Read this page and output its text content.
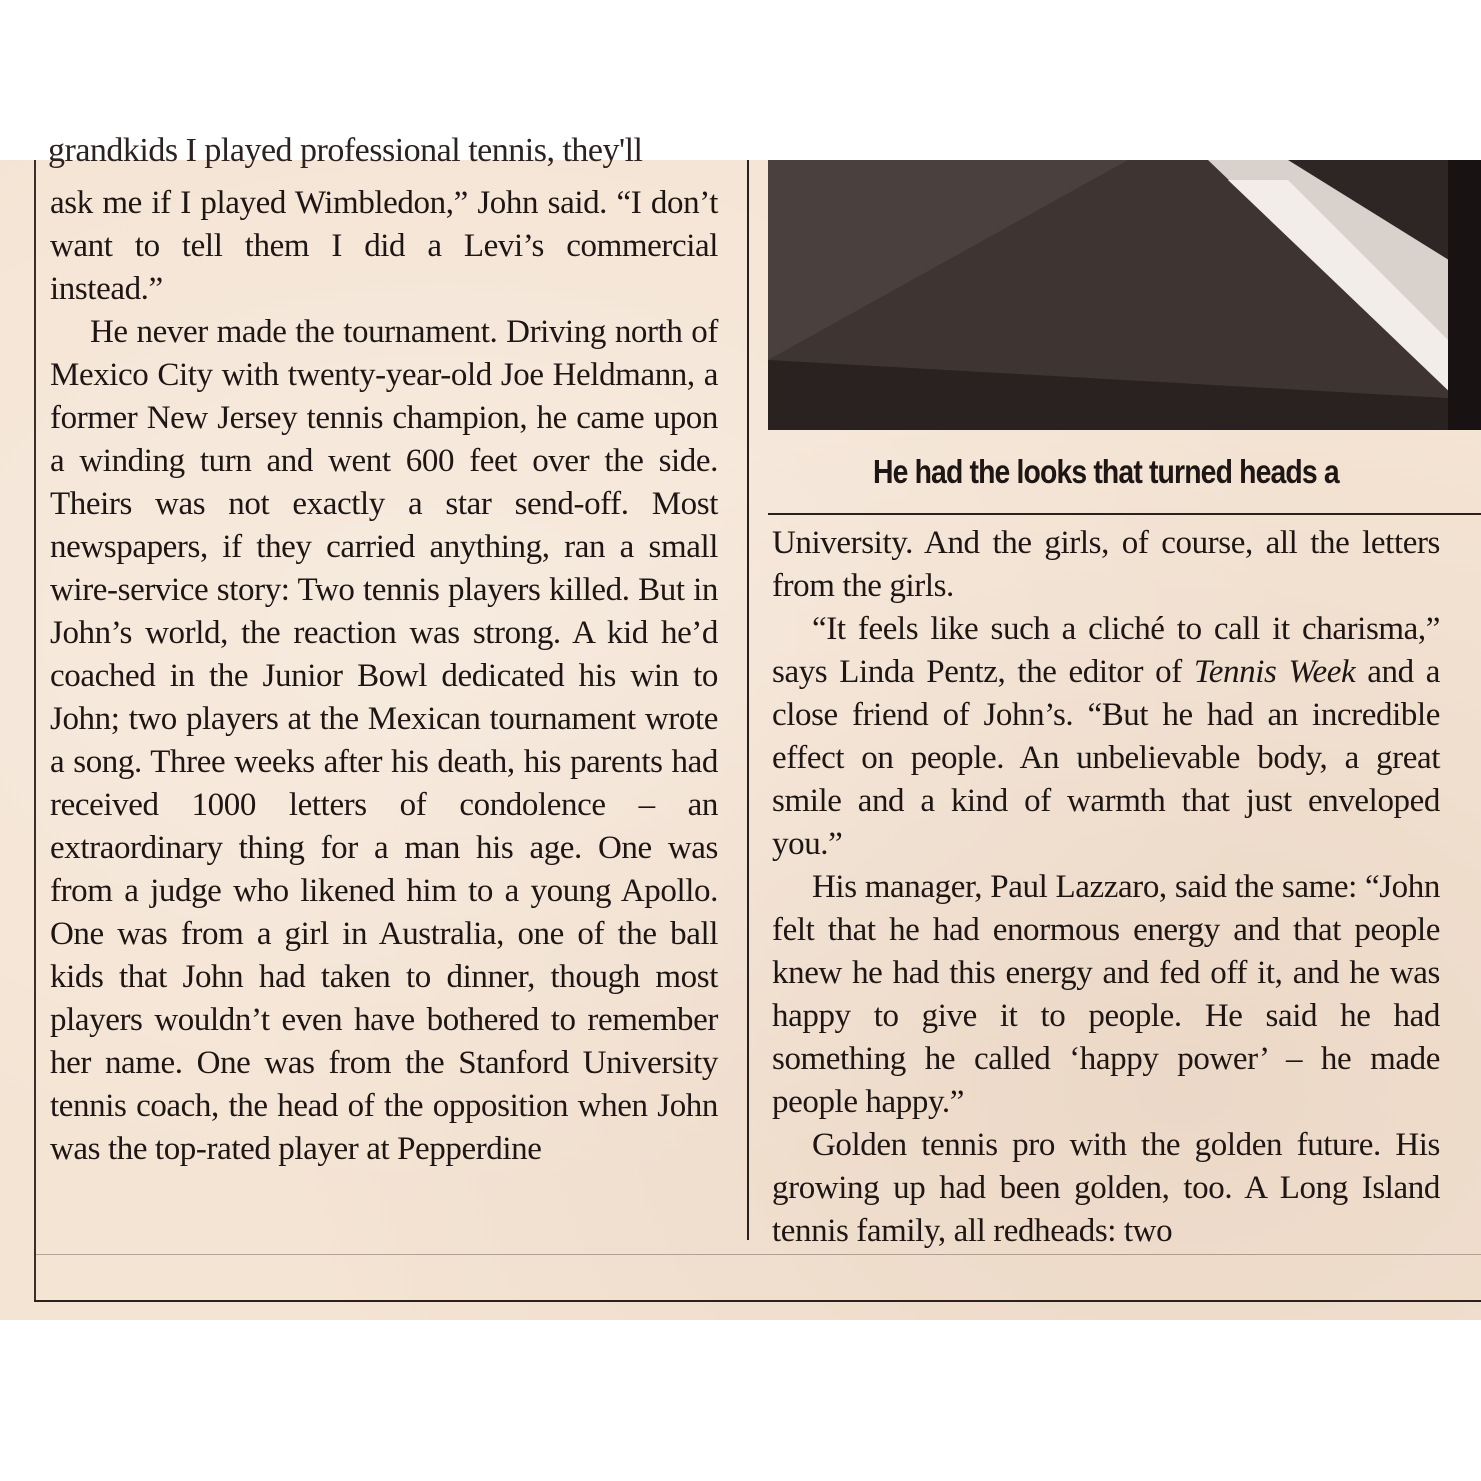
grandkids I played professional tennis, they'll

ask me if I played Wimbledon,” John said. “I don’t want to tell them I did a Levi’s commercial instead.”

He never made the tournament. Driving north of Mexico City with twenty-year-old Joe Heldmann, a former New Jersey tennis champion, he came upon a winding turn and went 600 feet over the side. Theirs was not exactly a star send-off. Most newspapers, if they carried anything, ran a small wire-service story: Two tennis players killed. But in John’s world, the reaction was strong. A kid he’d coached in the Junior Bowl dedicated his win to John; two players at the Mexican tournament wrote a song. Three weeks after his death, his parents had received 1000 letters of condolence – an extraordinary thing for a man his age. One was from a judge who likened him to a young Apollo. One was from a girl in Australia, one of the ball kids that John had taken to dinner, though most players wouldn’t even have bothered to remember her name. One was from the Stanford University tennis coach, the head of the opposition when John was the top-rated player at Pepperdine

He had the looks that turned heads a

University. And the girls, of course, all the letters from the girls.

“It feels like such a cliché to call it charisma,” says Linda Pentz, the editor of Tennis Week and a close friend of John’s. “But he had an incredible effect on people. An unbelievable body, a great smile and a kind of warmth that just enveloped you.”

His manager, Paul Lazzaro, said the same: “John felt that he had enormous energy and that people knew he had this energy and fed off it, and he was happy to give it to people. He said he had something he called ‘happy power’ – he made people happy.”

Golden tennis pro with the golden future. His growing up had been golden, too. A Long Island tennis family, all redheads: two
